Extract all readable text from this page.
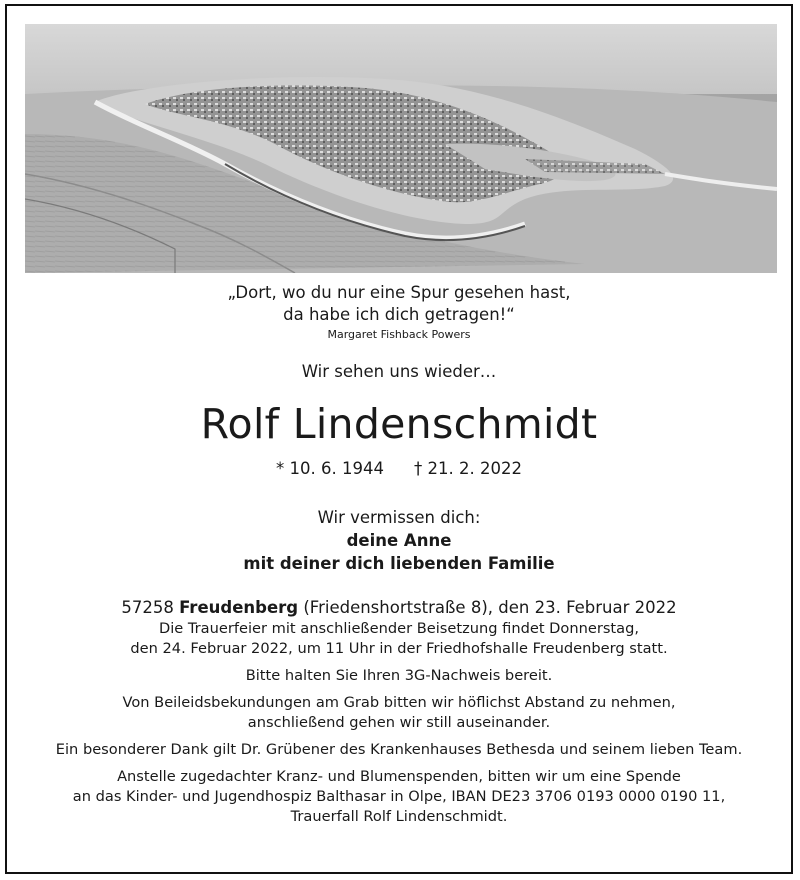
„Dort, wo du nur eine Spur gesehen hast,

da habe ich dich getragen!“

Margaret Fishback Powers

Wir sehen uns wieder…

Rolf Lindenschmidt

* 10. 6. 1944 † 21. 2. 2022

Wir vermissen dich:

deine Anne

mit deiner dich liebenden Familie

57258 Freudenberg (Friedenshortstraße 8), den 23. Februar 2022

Die Trauerfeier mit anschließender Beisetzung findet Donnerstag,

den 24. Februar 2022, um 11 Uhr in der Friedhofshalle Freudenberg statt.

Bitte halten Sie Ihren 3G-Nachweis bereit.

Von Beileidsbekundungen am Grab bitten wir höflichst Abstand zu nehmen,

anschließend gehen wir still auseinander.

Ein besonderer Dank gilt Dr. Grübener des Krankenhauses Bethesda und seinem lieben Team.

Anstelle zugedachter Kranz- und Blumenspenden, bitten wir um eine Spende

an das Kinder- und Jugendhospiz Balthasar in Olpe, IBAN DE23 3706 0193 0000 0190 11,

Trauerfall Rolf Lindenschmidt.
